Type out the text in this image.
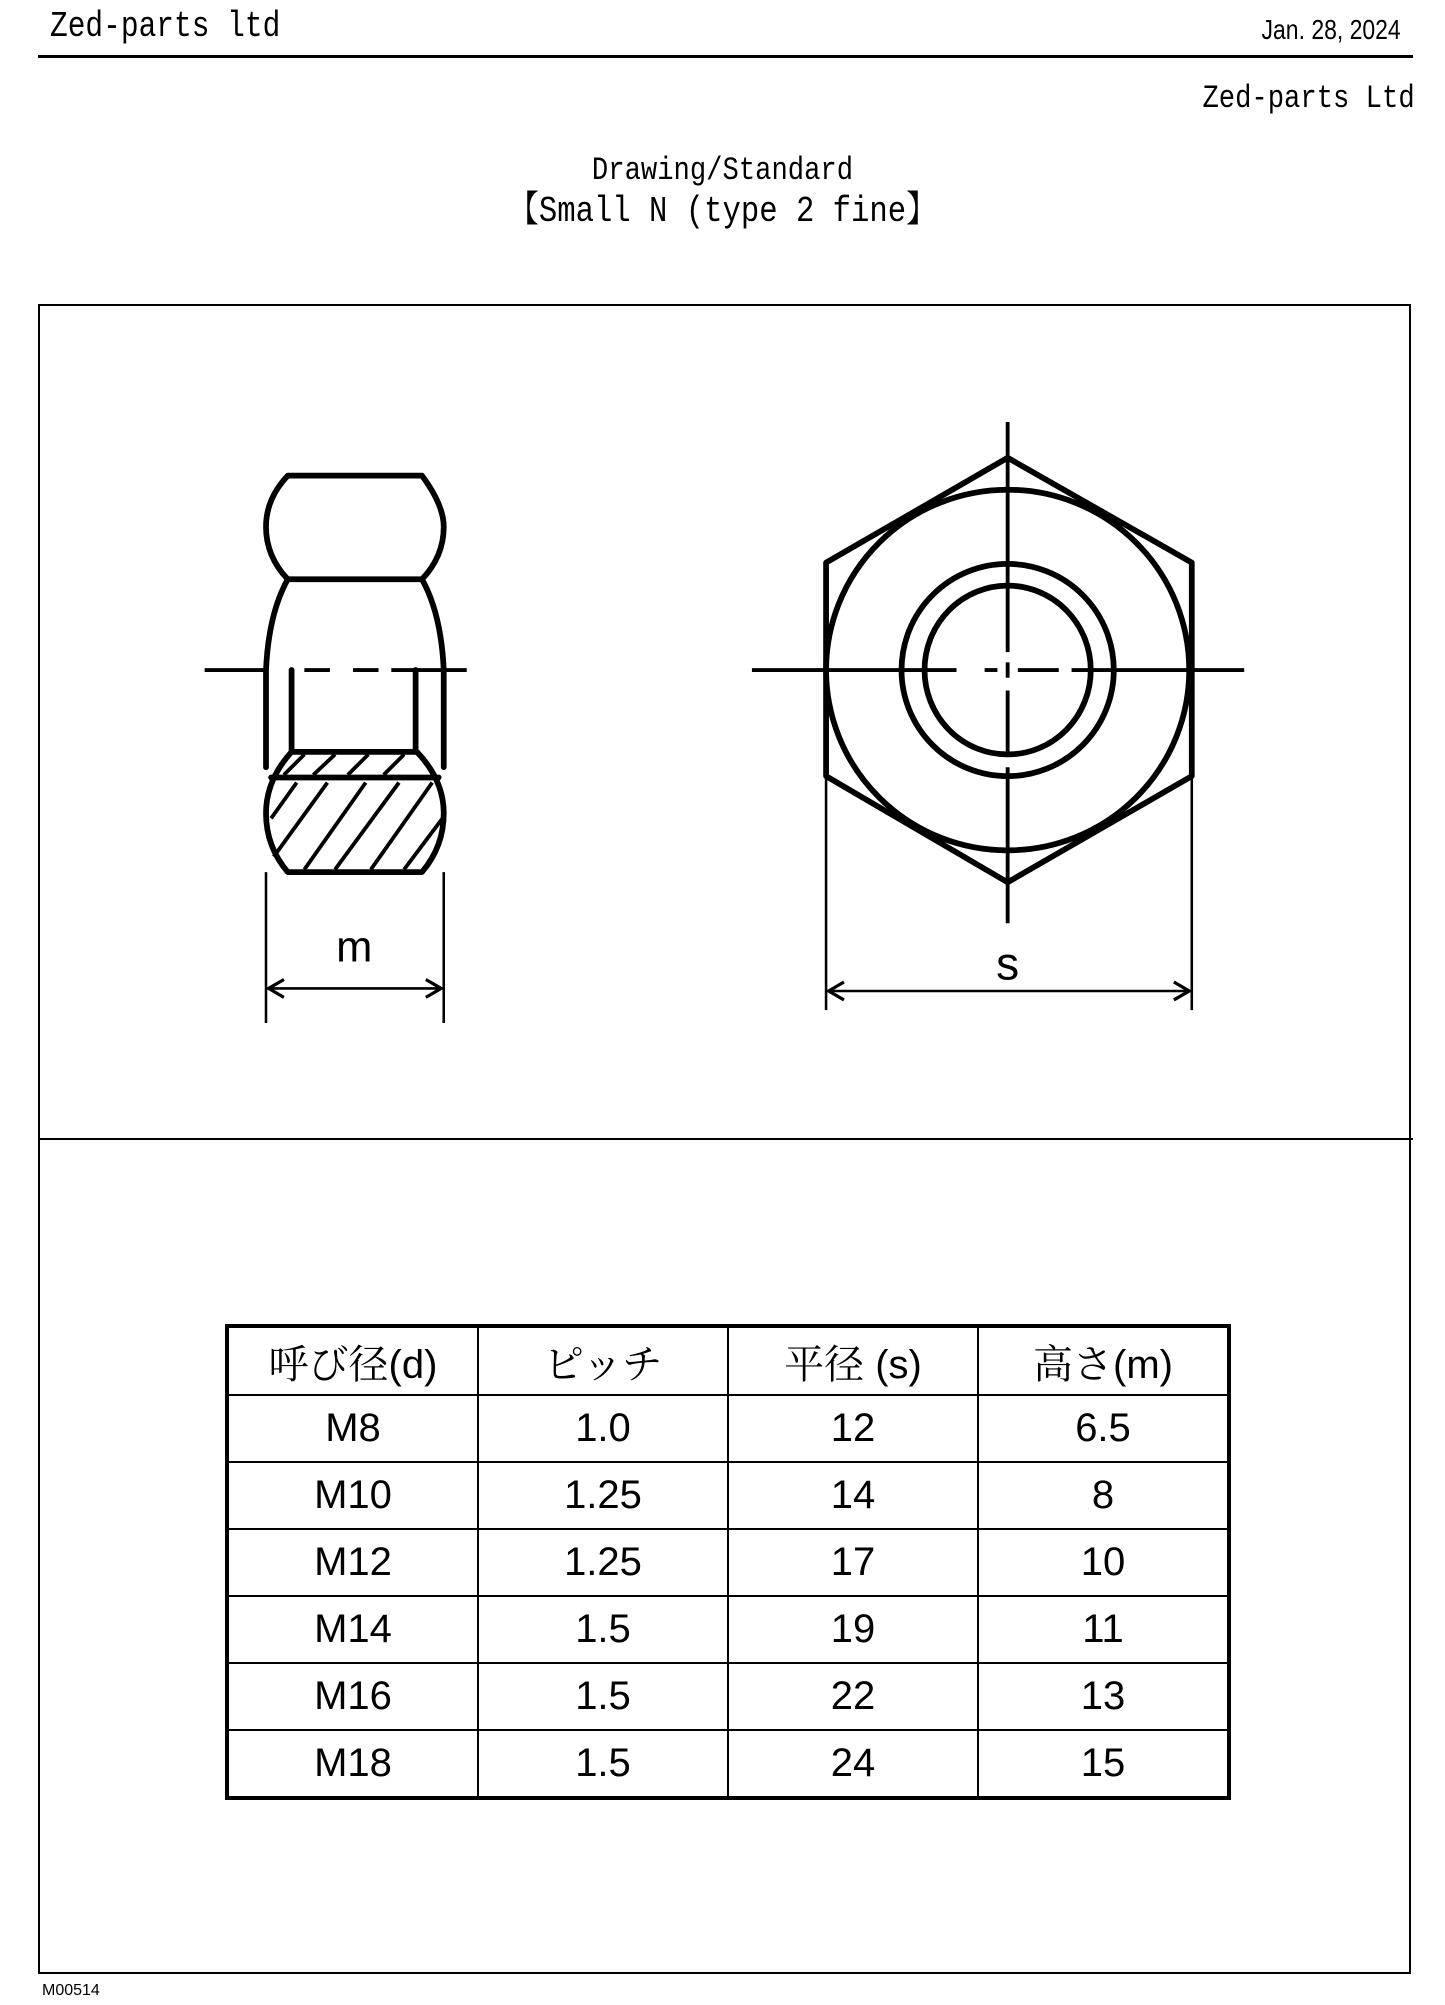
Zed-parts ltd	Jan. 28, 2024
Zed-parts Ltd
Drawing/Standard
【Small N (type 2 fine】
m	s
呼び径(d)	ピッチ	平径 (s)	高さ(m)
M8	1.0	12	6.5
M10	1.25	14	8
M12	1.25	17	10
M14	1.5	19	11
M16	1.5	22	13
M18	1.5	24	15
M00514
